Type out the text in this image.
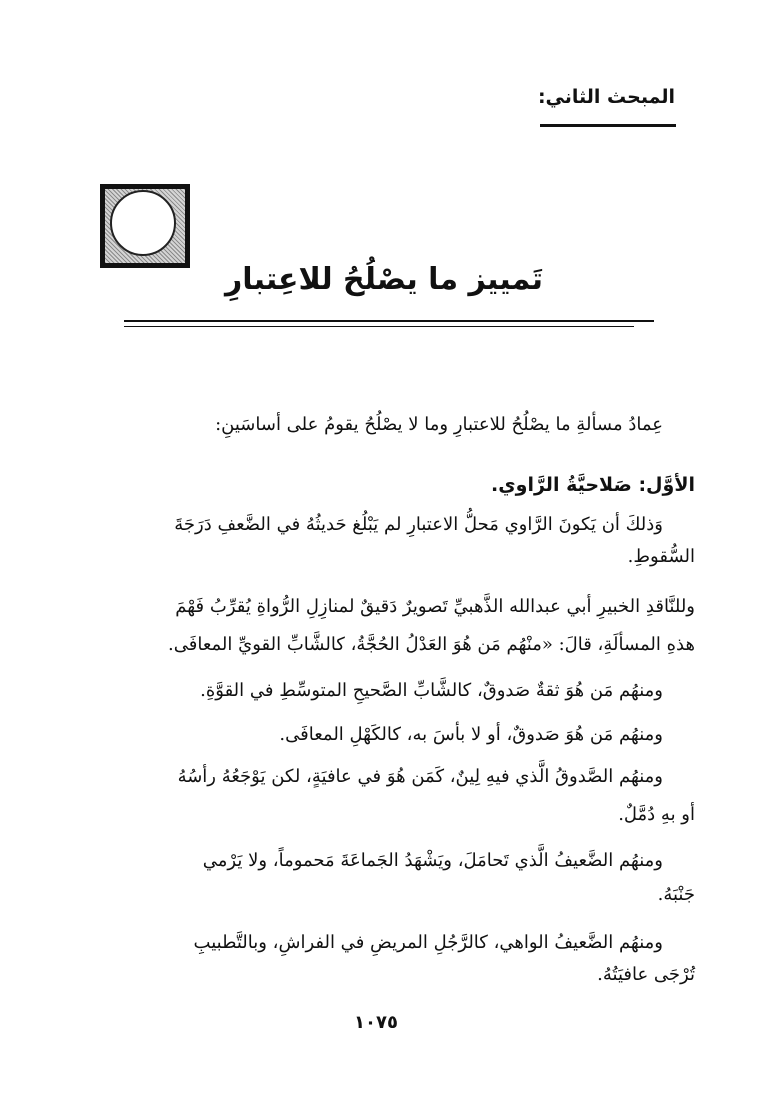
المبحث الثاني:
تَمييز ما يصْلُحُ للاعِتبارِ
عِمادُ مسألةِ ما يصْلُحُ للاعتبارِ وما لا يصْلُحُ يقومُ على أساسَينِ:
الأوَّل: صَلاحيَّةُ الرَّاوي.
وَذلكَ أن يَكونَ الرَّاوي مَحلُّ الاعتبارِ لم يَبْلُغ حَديثُهُ في الضَّعفِ دَرَجَةَ
السُّقوطِ.
وللنَّاقدِ الخبيرِ أبي عبدالله الذَّهبيِّ تَصويرٌ دَقيقٌ لمنازِلِ الرُّواةِ يُقرِّبُ فَهْمَ
هذهِ المسألَةِ، قالَ: «منْهُم مَن هُوَ العَدْلُ الحُجَّةُ، كالشَّابِّ القويِّ المعافَى.
ومنهُم مَن هُوَ ثقةٌ صَدوقٌ، كالشَّابِّ الصَّحيحِ المتوسِّطِ في القوَّةِ.
ومنهُم مَن هُوَ صَدوقٌ، أو لا بأسَ به، كالكَهْلِ المعافَى.
ومنهُم الصَّدوقُ الَّذي فيهِ لِينٌ، كَمَن هُوَ في عافيَةٍ، لكن يَوْجَعُهُ رأسُهُ
أو بهِ دُمَّلٌ.
ومنهُم الضَّعيفُ الَّذي تَحامَلَ، ويَشْهَدُ الجَماعَةَ مَحموماً، ولا يَرْمي
جَنْبَهُ.
ومنهُم الضَّعيفُ الواهي، كالرَّجُلِ المريضِ في الفراشِ، وبالتَّطبيبِ
تُرْجَى عافيَتُهُ.
١٠٧٥
